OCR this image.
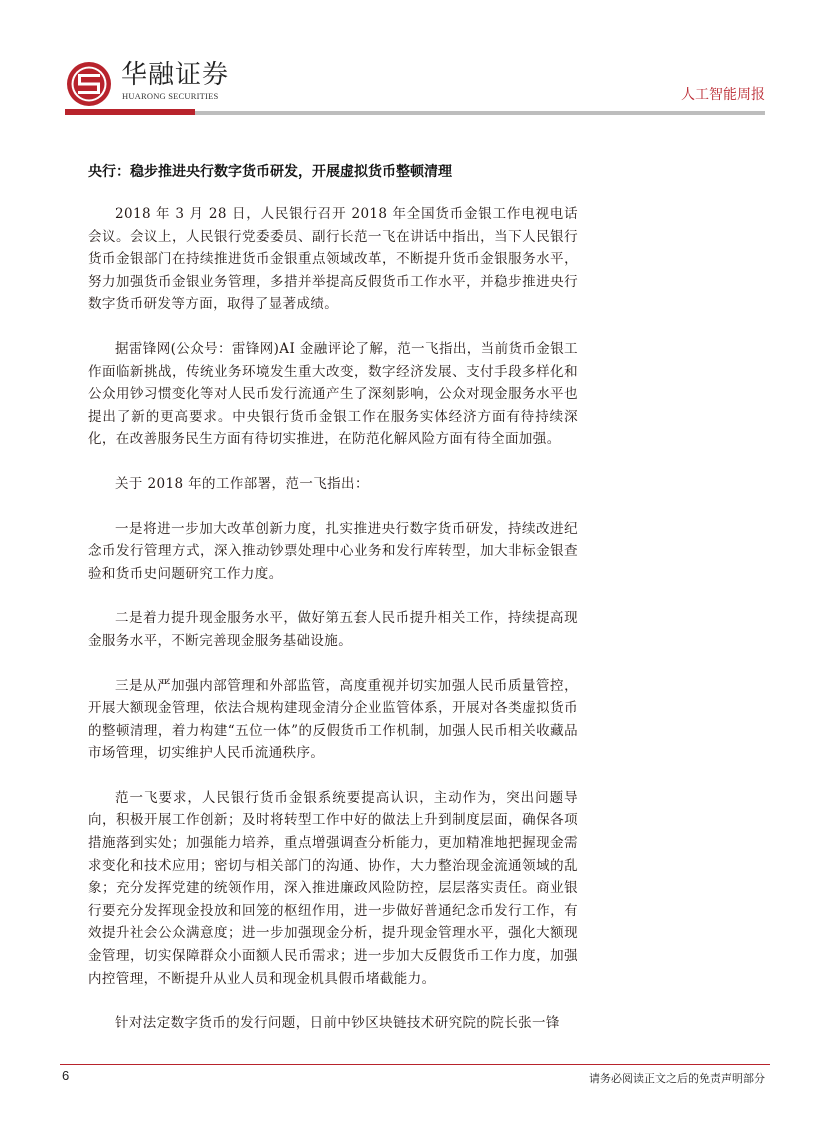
华融证券
HUARONG SECURITIES	人工智能周报
央行：稳步推进央行数字货币研发，开展虚拟货币整顿清理

2018 年 3 月 28 日，人民银行召开 2018 年全国货币金银工作电视电话会议。会议上，人民银行党委委员、副行长范一飞在讲话中指出，当下人民银行货币金银部门在持续推进货币金银重点领域改革，不断提升货币金银服务水平，努力加强货币金银业务管理，多措并举提高反假货币工作水平，并稳步推进央行数字货币研发等方面，取得了显著成绩。

据雷锋网(公众号：雷锋网)AI 金融评论了解，范一飞指出，当前货币金银工作面临新挑战，传统业务环境发生重大改变，数字经济发展、支付手段多样化和公众用钞习惯变化等对人民币发行流通产生了深刻影响，公众对现金服务水平也提出了新的更高要求。中央银行货币金银工作在服务实体经济方面有待持续深化，在改善服务民生方面有待切实推进，在防范化解风险方面有待全面加强。

关于 2018 年的工作部署，范一飞指出：

一是将进一步加大改革创新力度，扎实推进央行数字货币研发，持续改进纪念币发行管理方式，深入推动钞票处理中心业务和发行库转型，加大非标金银查验和货币史问题研究工作力度。

二是着力提升现金服务水平，做好第五套人民币提升相关工作，持续提高现金服务水平，不断完善现金服务基础设施。

三是从严加强内部管理和外部监管，高度重视并切实加强人民币质量管控，开展大额现金管理，依法合规构建现金清分企业监管体系，开展对各类虚拟货币的整顿清理，着力构建“五位一体”的反假货币工作机制，加强人民币相关收藏品市场管理，切实维护人民币流通秩序。

范一飞要求，人民银行货币金银系统要提高认识，主动作为，突出问题导向，积极开展工作创新；及时将转型工作中好的做法上升到制度层面，确保各项措施落到实处；加强能力培养，重点增强调查分析能力，更加精准地把握现金需求变化和技术应用；密切与相关部门的沟通、协作，大力整治现金流通领域的乱象；充分发挥党建的统领作用，深入推进廉政风险防控，层层落实责任。商业银行要充分发挥现金投放和回笼的枢纽作用，进一步做好普通纪念币发行工作，有效提升社会公众满意度；进一步加强现金分析，提升现金管理水平，强化大额现金管理，切实保障群众小面额人民币需求；进一步加大反假货币工作力度，加强内控管理，不断提升从业人员和现金机具假币堵截能力。

针对法定数字货币的发行问题，日前中钞区块链技术研究院的院长张一锋

6	请务必阅读正文之后的免责声明部分
